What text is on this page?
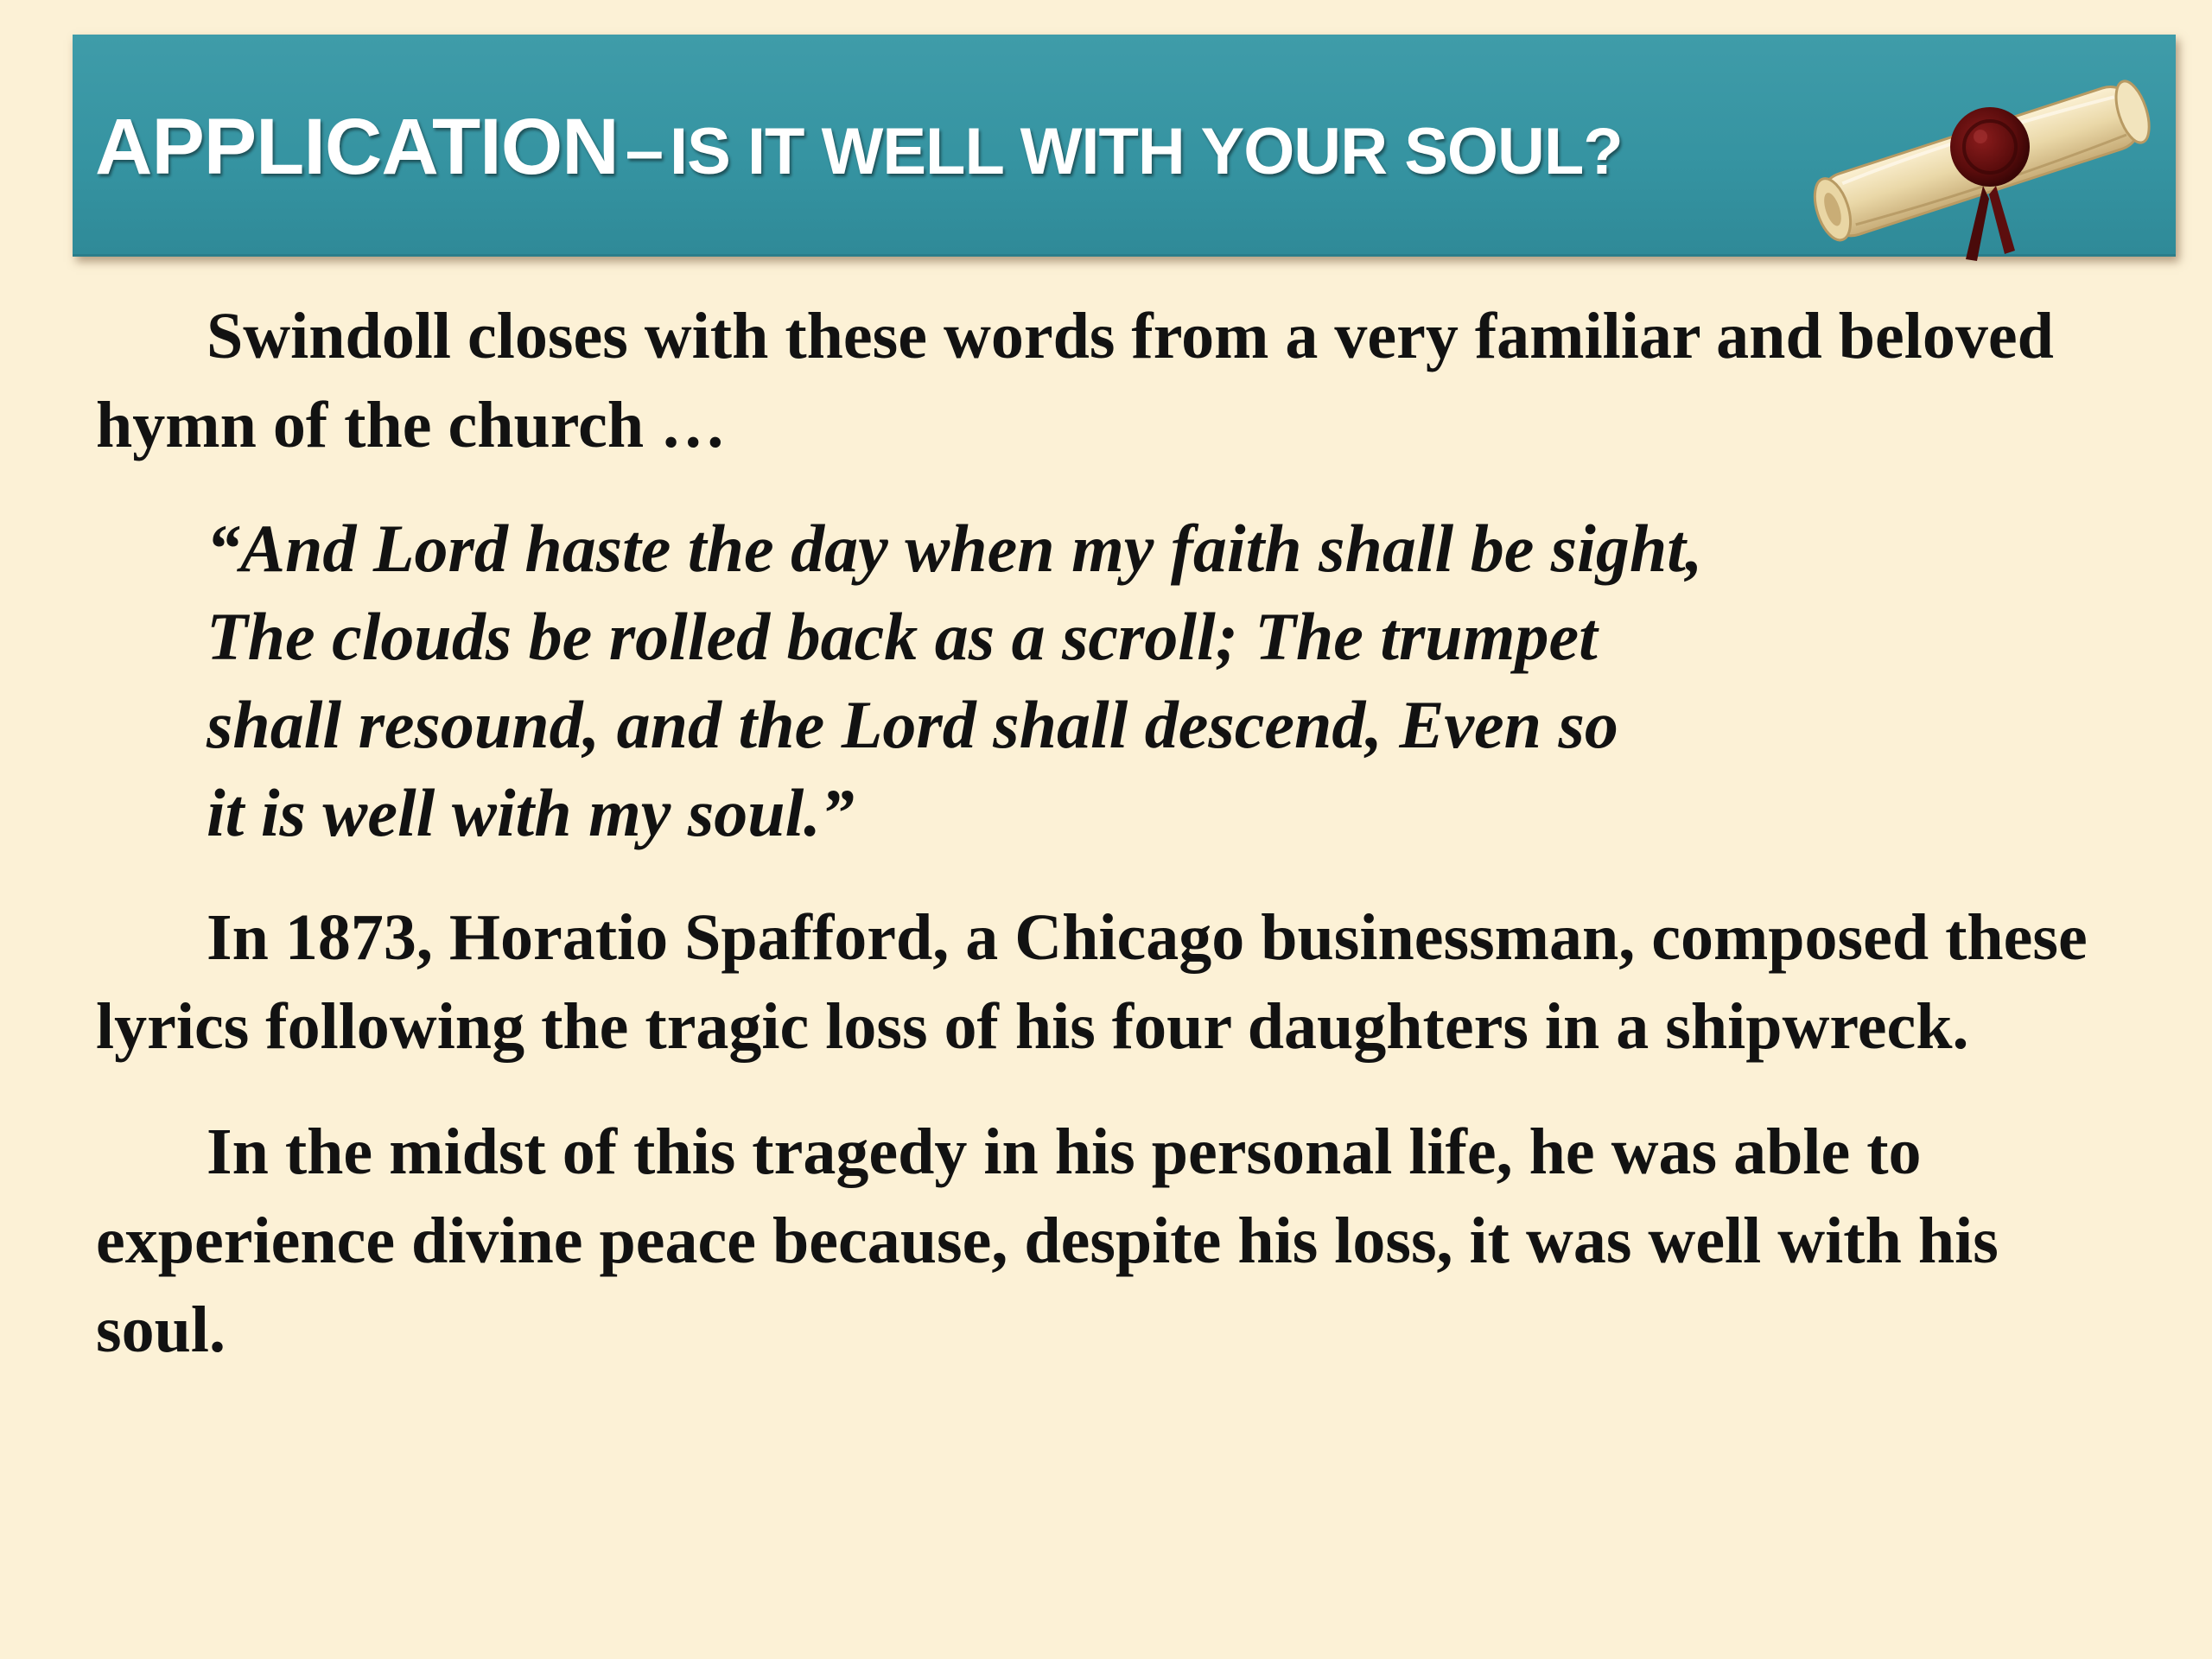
APPLICATION – IS IT WELL WITH YOUR SOUL?

Swindoll closes with these words from a very familiar and beloved hymn of the church …

“And Lord haste the day when my faith shall be sight,
The clouds be rolled back as a scroll; The trumpet
shall resound, and the Lord shall descend, Even so
it is well with my soul.”

In 1873, Horatio Spafford, a Chicago businessman, composed these lyrics following the tragic loss of his four daughters in a shipwreck.

In the midst of this tragedy in his personal life, he was able to experience divine peace because, despite his loss, it was well with his soul.
